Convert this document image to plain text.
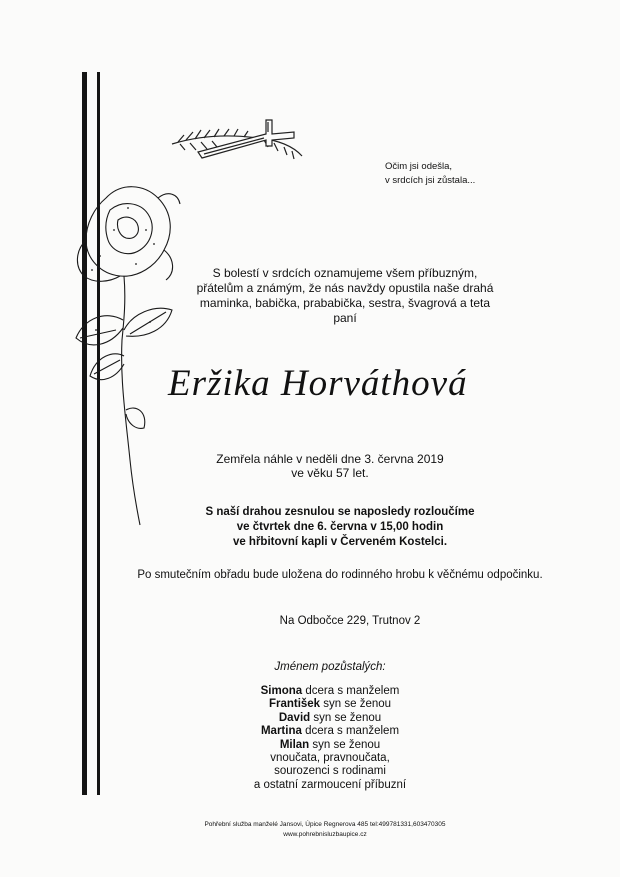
Očim jsi odešla,
v srdcích jsi zůstala...
S bolestí v srdcích oznamujeme všem příbuzným,
přátelům a známým, že nás navždy opustila naše drahá
maminka, babička, prababička, sestra, švagrová a teta
paní
Eržika Horváthová
Zemřela náhle v neděli dne 3. června 2019
ve věku 57 let.
S naší drahou zesnulou se naposledy rozloučíme
ve čtvrtek dne 6. června v 15,00 hodin
ve hřbitovní kapli v Červeném Kostelci.
Po smutečním obřadu bude uložena do rodinného hrobu k věčnému odpočinku.
Na Odbočce 229, Trutnov 2
Jménem pozůstalých:
Simona dcera s manželem
František syn se ženou
David syn se ženou
Martina dcera s manželem
Milan syn se ženou
vnoučata, pravnoučata,
sourozenci s rodinami
a ostatní zarmoucení příbuzní
Pohřební služba manželé Jansovi, Úpice Regnerova 485 tel:499781331,603470305
www.pohrebnisluzbaupice.cz
